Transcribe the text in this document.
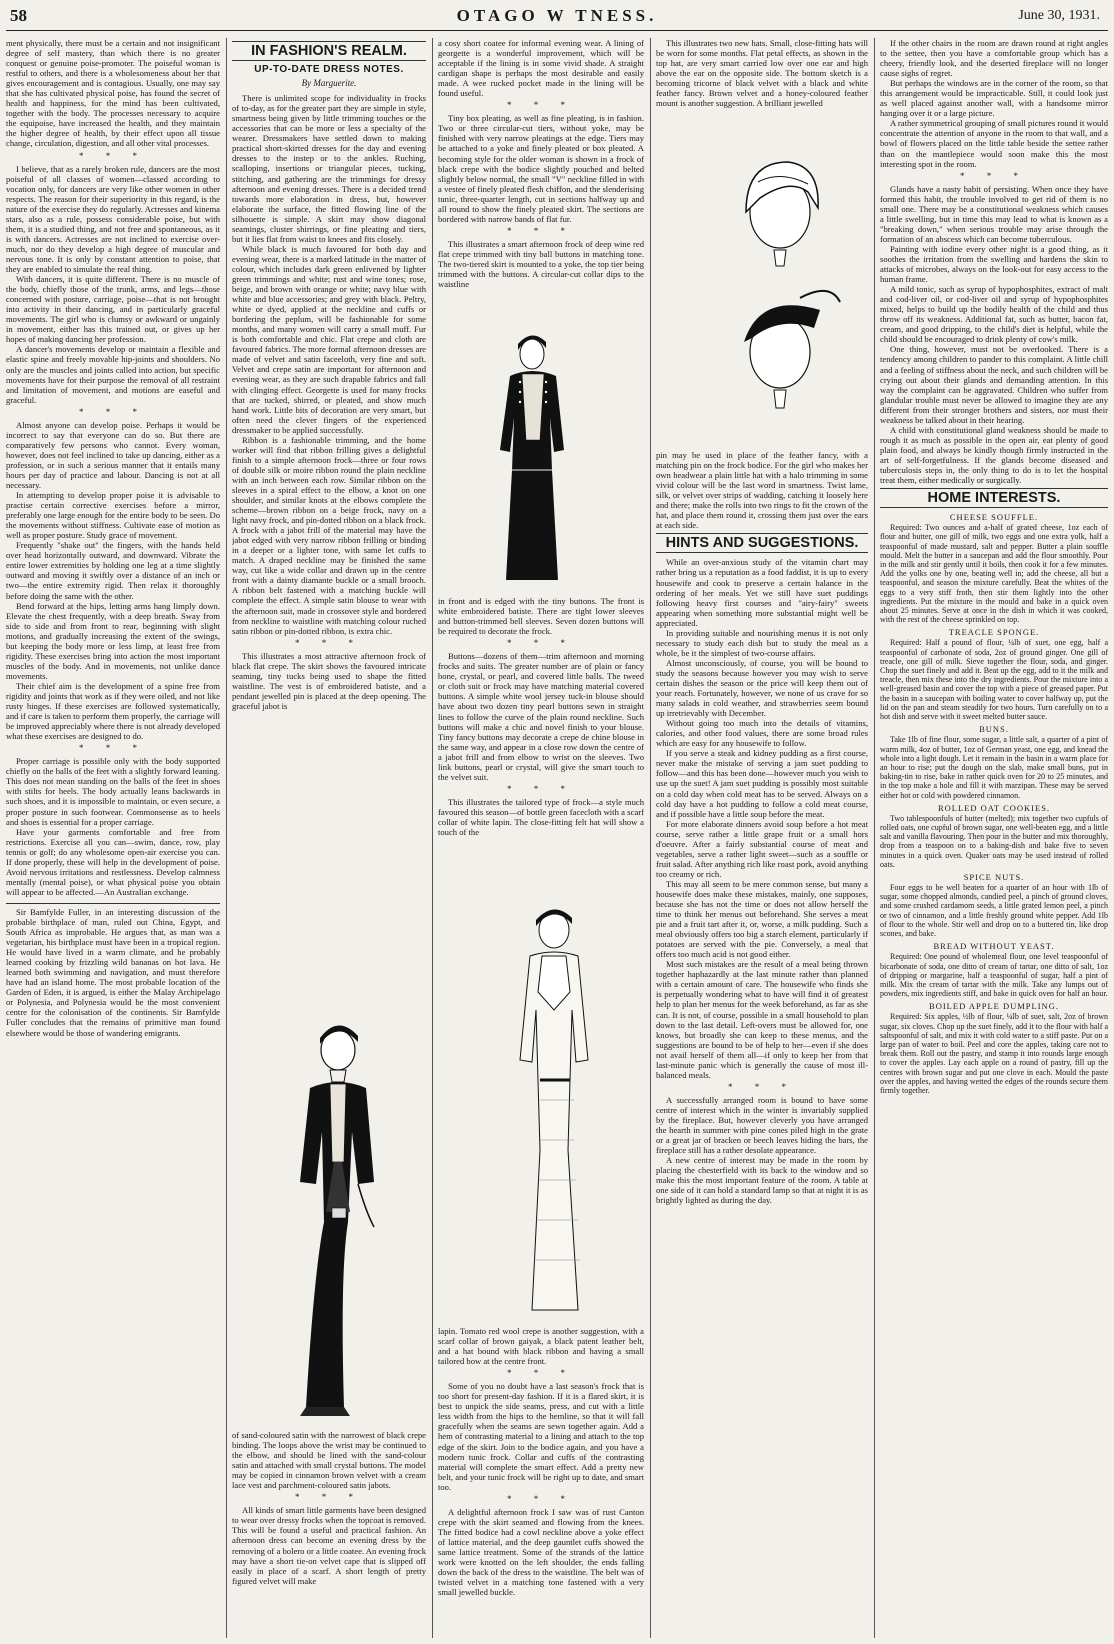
58	OTAGO W TNESS.	June 30, 1931.

ment physically, there must be a certain and not insignificant degree of self mastery, than which there is no greater conquest or genuine poise-promoter. The poiseful woman is restful to others, and there is a wholesomeness about her that gives encouragement and is contagious. Usually, one may say that she has cultivated physical poise, has found the secret of health and happiness, for the mind has been cultivated, together with the body. The processes necessary to acquire the equipoise, have increased the health, and they maintain the higher degree of health, by their effect upon all tissue change, circulation, digestion, and all other vital processes.

* * *

I believe, that as a rarely broken rule, dancers are the most poiseful of all classes of women—classed according to vocation only, for dancers are very like other women in other respects. The reason for their superiority in this regard, is the nature of the exercise they do regularly. Actresses and kinema stars, also as a rule, possess considerable poise, but with them, it is a studied thing, and not free and spontaneous, as it is with dancers. Actresses are not inclined to exercise over-much, nor do they develop a high degree of muscular and nervous tone. It is only by constant attention to poise, that they are enabled to simulate the real thing.

With dancers, it is quite different. There is no muscle of the body, chiefly those of the trunk, arms, and legs—those concerned with posture, carriage, poise—that is not brought into activity in their dancing, and in particularly graceful movements. The girl who is clumsy or awkward or ungainly in movement, either has this trained out, or gives up her hopes of making dancing her profession.

A dancer's movements develop or maintain a flexible and elastic spine and freely movable hip-joints and shoulders. No only are the muscles and joints called into action, but specific movements have for their purpose the removal of all restraint and limitation of movement, and motions are easeful and graceful.

* * *

Almost anyone can develop poise. Perhaps it would be incorrect to say that everyone can do so. But there are comparatively few persons who cannot. Every woman, however, does not feel inclined to take up dancing, either as a profession, or in such a serious manner that it entails many hours per day of practice and labour. Dancing is not at all necessary.

In attempting to develop proper poise it is advisable to practise certain corrective exercises before a mirror, preferably one large enough for the entire body to be seen. Do the movements without stiffness. Cultivate ease of motion as well as proper posture. Study grace of movement.

Frequently "shake out" the fingers, with the hands held over head horizontally outward, and downward. Vibrate the entire lower extremities by holding one leg at a time slightly outward and moving it swiftly over a distance of an inch or two—the entire extremity rigid. Then relax it thoroughly before doing the same with the other.

Bend forward at the hips, letting arms hang limply down. Elevate the chest frequently, with a deep breath. Sway from side to side and from front to rear, beginning with slight motions, and gradually increasing the extent of the swings, but keeping the body more or less limp, at least free from rigidity. These exercises bring into action the most important muscles of the body. And in movements, not unlike dance movements.

Their chief aim is the development of a spine free from rigidity and joints that work as if they were oiled, and not like rusty hinges. If these exercises are followed systematically, and if care is taken to perform them properly, the carriage will be improved appreciably where there is not already developed what these exercises are designed to do.

* * *

Proper carriage is possible only with the body supported chiefly on the balls of the feet with a slightly forward leaning. This does not mean standing on the balls of the feet in shoes with stilts for heels. The body actually leans backwards in such shoes, and it is impossible to maintain, or even secure, a proper posture in such footwear. Commonsense as to heels and shoes is essential for a proper carriage.

Have your garments comfortable and free from restrictions. Exercise all you can—swim, dance, row, play tennis or golf; do any wholesome open-air exercise you can. If done properly, these will help in the development of poise. Avoid nervous irritations and restlessness. Develop calmness mentally (mental poise), or what physical poise you obtain will appear to be affected.—An Australian exchange.

Sir Bamfylde Fuller, in an interesting discussion of the probable birthplace of man, ruled out China, Egypt, and South Africa as improbable. He argues that, as man was a vegetarian, his birthplace must have been in a tropical region. He would have lived in a warm climate, and he probably learned cooking by frizzling wild bananas on hot lava. He learned both swimming and navigation, and must therefore have had an island home. The most probable location of the Garden of Eden, it is argued, is either the Malay Archipelago or Polynesia, and Polynesia would be the most convenient centre for the colonisation of the continents. Sir Bamfylde Fuller concludes that the remains of primitive man found elsewhere would be those of wandering emigrants.

IN FASHION'S REALM.
UP-TO-DATE DRESS NOTES.
By Marguerite.

There is unlimited scope for individuality in frocks of to-day, as for the greater part they are simple in style, smartness being given by little trimming touches or the accessories that can be more or less a specialty of the wearer. Dressmakers have settled down to making practical short-skirted dresses for the day and evening dresses to the instep or to the ankles. Ruching, scalloping, insertions or triangular pieces, tucking, stitching, and gathering are the trimmings for dressy afternoon and evening dresses. There is a decided trend towards more elaboration in dress, but, however elaborate the surface, the fitted flowing line of the silhouette is simple. A skirt may show diagonal seamings, cluster shirrings, or fine pleating and tiers, but it lies flat from waist to knees and fits closely.

While black is much favoured for both day and evening wear, there is a marked latitude in the matter of colour, which includes dark green enlivened by lighter green trimmings and white; rust and wine tones; rose, beige, and brown with orange or white; navy blue with white and blue accessories; and grey with black. Peltry, white or dyed, applied at the neckline and cuffs or bordering the peplum, will be fashionable for some months, and many women will carry a small muff. Fur is both comfortable and chic. Flat crepe and cloth are favoured fabrics. The more formal afternoon dresses are made of velvet and satin faceeloth, very fine and soft. Velvet and crepe satin are important for afternoon and evening wear, as they are such drapable fabrics and fall with clinging effect. Georgette is used for many frocks that are tucked, shirred, or pleated, and show much hand work. Little bits of decoration are very smart, but often need the clever fingers of the experienced dressmaker to be applied successfully.

Ribbon is a fashionable trimming, and the home worker will find that ribbon frilling gives a delightful finish to a simple afternoon frock—three or four rows of double silk or moire ribbon round the plain neckline with an inch between each row. Similar ribbon on the sleeves in a spiral effect to the elbow, a knot on one shoulder, and similar knots at the elbows complete the scheme—brown ribbon on a beige frock, navy on a light navy frock, and pin-dotted ribbon on a black frock. A frock with a jabot frill of the material may have the jabot edged with very narrow ribbon frilling or binding in a deeper or a lighter tone, with same let cuffs to match. A draped neckline may be finished the same way, cut like a wide collar and drawn up in the centre front with a dainty diamante buckle or a small brooch. A ribbon belt fastened with a matching buckle will complete the effect. A simple satin blouse to wear with the afternoon suit, made in crossover style and bordered from neckline to waistline with matching colour ruched satin ribbon or pin-dotted ribbon, is extra chic.

* * *

This illustrates a most attractive afternoon frock of black flat crepe. The skirt shows the favoured intricate seaming, tiny tucks being used to shape the fitted waistline. The vest is of embroidered batiste, and a pendant jewelled pin is placed at the deep opening. The graceful jabot is

of sand-coloured satin with the narrowest of black crepe binding. The loops above the wrist may be continued to the elbow, and should be lined with the sand-colour satin and attached with small crystal buttons. The model may be copied in cinnamon brown velvet with a cream lace vest and parchment-coloured satin jabots.

* * *

All kinds of smart little garments have been designed to wear over dressy frocks when the topcoat is removed. This will be found a useful and practical fashion. An afternoon dress can become an evening dress by the removing of a bolero or a little coatee. An evening frock may have a short tie-on velvet cape that is slipped off easily in place of a scarf. A short length of pretty figured velvet will make

a cosy short coatee for informal evening wear. A lining of georgette is a wonderful improvement, which will be acceptable if the lining is in some vivid shade. A straight cardigan shape is perhaps the most desirable and easily made. A wee rucked pocket made in the lining will be found useful.

* * *

Tiny box pleating, as well as fine pleating, is in fashion. Two or three circular-cut tiers, without yoke, may be finished with very narrow pleatings at the edge. Tiers may be attached to a yoke and finely pleated or box pleated. A becoming style for the older woman is shown in a frock of black crepe with the bodice slightly pouched and belted slightly below normal, the small "V" neckline filled in with a vestee of finely pleated flesh chiffon, and the slenderising tunic, three-quarter length, cut in sections halfway up and all round to show the finely pleated skirt. The sections are bordered with narrow bands of flat fur.

* * *

This illustrates a smart afternoon frock of deep wine red flat crepe trimmed with tiny ball buttons in matching tone. The two-tiered skirt is mounted to a yoke, the top tier being trimmed with the buttons. A circular-cut collar dips to the waistline

in front and is edged with the tiny buttons. The front is white embroidered batiste. There are tight lower sleeves and button-trimmed bell sleeves. Seven dozen buttons will be required to decorate the frock.

* * *

Buttons—dozens of them—trim afternoon and morning frocks and suits. The greater number are of plain or fancy bone, crystal, or pearl, and covered little balls. The tweed or cloth suit or frock may have matching material covered buttons. A simple white wool jersey tuck-in blouse should have about two dozen tiny pearl buttons sewn in straight lines to follow the curve of the plain round neckline. Such buttons will make a chic and novel finish to your blouse. Tiny fancy buttons may decorate a crepe de chine blouse in the same way, and appear in a close row down the centre of a jabot frill and from elbow to wrist on the sleeves. Two link buttons, pearl or crystal, will give the smart touch to the velvet suit.

* * *

This illustrates the tailored type of frock—a style much favoured this season—of bottle green facecloth with a scarf collar of white lapin. The close-fitting felt hat will show a touch of the

lapin. Tomato red wool crepe is another suggestion, with a scarf collar of brown gaiyak, a black patent leather belt, and a hat bound with black ribbon and having a small tailored bow at the centre front.

* * *

Some of you no doubt have a last season's frock that is too short for present-day fashion. If it is a flared skirt, it is best to unpick the side seams, press, and cut with a little less width from the hips to the hemline, so that it will fall gracefully when the seams are sewn together again. Add a hem of contrasting material to a lining and attach to the top edge of the skirt. Join to the bodice again, and you have a modern tunic frock. Collar and cuffs of the contrasting material will complete the smart effect. Add a pretty new belt, and your tunic frock will be right up to date, and smart too.

* * *

A delightful afternoon frock I saw was of rust Canton crepe with the skirt seamed and flowing from the knees. The fitted bodice had a cowl neckline above a yoke effect of lattice material, and the deep gauntlet cuffs showed the same lattice treatment. Some of the strands of the lattice work were knotted on the left shoulder, the ends falling down the back of the dress to the waistline. The belt was of twisted velvet in a matching tone fastened with a very small jewelled buckle.

This illustrates two new hats. Small, close-fitting hats will be worn for some months. Flat petal effects, as shown in the top hat, are very smart carried low over one ear and high above the ear on the opposite side. The bottom sketch is a becoming tricorne of black velvet with a black and white feather fancy. Brown velvet and a honey-coloured feather mount is another suggestion. A brilliant jewelled

pin may be used in place of the feather fancy, with a matching pin on the frock bodice. For the girl who makes her own headwear a plain little hat with a halo trimming in some vivid colour will be the last word in smartness. Twist lame, silk, or velvet over strips of wadding, catching it loosely here and there; make the rolls into two rings to fit the crown of the hat, and place them round it, crossing them just over the ears at each side.

HINTS AND SUGGESTIONS.

While an over-anxious study of the vitamin chart may rather bring us a reputation as a food faddist, it is up to every housewife and cook to preserve a certain balance in the ordering of her meals. Yet we still have suet puddings following heavy first courses and "airy-fairy" sweets appearing when something more substantial might well be appreciated.

In providing suitable and nourishing menus it is not only necessary to study each dish but to study the meal as a whole, be it the simplest of two-course affairs.

Almost unconsciously, of course, you will be bound to study the seasons because however you may wish to serve certain dishes the season or the price will keep them out of your reach. Fortunately, however, we none of us crave for so many salads in cold weather, and strawberries seem bound up irretrievably with December.

Without going too much into the details of vitamins, calories, and other food values, there are some broad rules which are easy for any housewife to follow.

If you serve a steak and kidney pudding as a first course, never make the mistake of serving a jam suet pudding to follow—and this has been done—however much you wish to use up the suet! A jam suet pudding is possibly most suitable on a cold day when cold meat has to be served. Always on a cold day have a hot pudding to follow a cold meat course, and if possible have a little soup before the meat.

For more elaborate dinners avoid soup before a hot meat course, serve rather a little grape fruit or a small hors d'oeuvre. After a fairly substantial course of meat and vegetables, serve a rather light sweet—such as a souffle or fruit salad. After anything rich like roast pork, avoid anything too creamy or rich.

This may all seem to be mere common sense, but many a housewife does make these mistakes, mainly, one supposes, because she has not the time or does not allow herself the time to think her menus out beforehand. She serves a meat pie and a fruit tart after it, or, worse, a milk pudding. Such a meal obviously offers too big a starch element, particularly if potatoes are served with the pie. Conversely, a meal that offers too much acid is not good either.

Most such mistakes are the result of a meal being thrown together haphazardly at the last minute rather than planned with a certain amount of care. The housewife who finds she is perpetually wondering what to have will find it of greatest help to plan her menus for the week beforehand, as far as she can. It is not, of course, possible in a small household to plan down to the last detail. Left-overs must be allowed for, one knows, but broadly she can keep to these menus, and the suggestions are bound to be of help to her—even if she does not avail herself of them all—if only to keep her from that last-minute panic which is generally the cause of most ill-balanced meals.

* * *

A successfully arranged room is bound to have some centre of interest which in the winter is invariably supplied by the fireplace. But, however cleverly you have arranged the hearth in summer with pine cones piled high in the grate or a great jar of bracken or beech leaves hiding the bars, the fireplace still has a rather desolate appearance.

A new centre of interest may be made in the room by placing the chesterfield with its back to the window and so make this the most important feature of the room. A table at one side of it can hold a standard lamp so that at night it is as brightly lighted as during the day.

If the other chairs in the room are drawn round at right angles to the settee, then you have a comfortable group which has a cheery, friendly look, and the deserted fireplace will no longer cause sighs of regret.

But perhaps the windows are in the corner of the room, so that this arrangement would be impracticable. Still, it could look just as well placed against another wall, with a handsome mirror hanging over it or a large picture.

A rather symmetrical grouping of small pictures round it would concentrate the attention of anyone in the room to that wall, and a bowl of flowers placed on the little table beside the settee rather than on the mantlepiece would soon make this the most interesting spot in the room.

* * *

Glands have a nasty habit of persisting. When once they have formed this habit, the trouble involved to get rid of them is no small one. There may be a constitutional weakness which causes a little swelling, but in time this may lead to what is known as a "breaking down," when serious trouble may arise through the formation of an abscess which can become tuberculous.

Painting with iodine every other night is a good thing, as it soothes the irritation from the swelling and hardens the skin to attacks of microbes, always on the look-out for easy access to the human frame.

A mild tonic, such as syrup of hypophosphites, extract of malt and cod-liver oil, or cod-liver oil and syrup of hypophosphites mixed, helps to build up the bodily health of the child and thus throw off its weakness. Additional fat, such as butter, bacon fat, cream, and good dripping, to the child's diet is helpful, while the child should be encouraged to drink plenty of cow's milk.

One thing, however, must not be overlooked. There is a tendency among children to pander to this complaint. A little chill and a feeling of stiffness about the neck, and such children will be crying out about their glands and demanding attention. In this way the complaint can be aggravated. Children who suffer from glandular trouble must never be allowed to imagine they are any different from their stronger brothers and sisters, nor must their weakness be talked about in their hearing.

A child with constitutional gland weakness should be made to rough it as much as possible in the open air, eat plenty of good plain food, and always be kindly though firmly instructed in the art of self-forgetfulness. If the glands become diseased and tuberculosis steps in, the only thing to do is to let the hospital treat them, either medically or surgically.

HOME INTERESTS.
CHEESE SOUFFLE.

Required: Two ounces and a-half of grated cheese, 1oz each of flour and butter, one gill of milk, two eggs and one extra yolk, half a teaspoonful of made mustard, salt and pepper. Butter a plain souffle mould. Melt the butter in a saucepan and add the flour smoothly. Pour in the milk and stir gently until it boils, then cook it for a few minutes. Add the yolks one by one, beating well in; add the cheese, all but a teaspoonful, and season the mixture carefully. Beat the whites of the eggs to a very stiff froth, then stir them lightly into the other ingredients. Put the mixture in the mould and bake in a quick oven about 25 minutes. Serve at once in the dish in which it was cooked, with the rest of the cheese sprinkled on top.

TREACLE SPONGE.

Required: Half a pound of flour, ¼lb of suet, one egg, half a teaspoonful of carbonate of soda, 2oz of ground ginger. One gill of treacle, one gill of milk. Sieve together the flour, soda, and ginger. Chop the suet finely and add it. Beat up the egg, add to it the milk and treacle, then mix these into the dry ingredients. Pour the mixture into a well-greased basin and cover the top with a piece of greased paper. Put the basin in a saucepan with boiling water to cover halfway up, put the lid on the pan and steam steadily for two hours. Turn carefully on to a hot dish and serve with it sweet melted butter sauce.

BUNS.

Take 1lb of fine flour, some sugar, a little salt, a quarter of a pint of warm milk, 4oz of butter, 1oz of German yeast, one egg, and knead the whole into a light dough. Let it remain in the basin in a warm place for an hour to rise; put the dough on the slab, make small buns, put in baking-tin to rise, bake in rather quick oven for 20 to 25 minutes, and in the top make a hole and fill it with marzipan. These may be served either hot or cold with powdered cinnamon.

ROLLED OAT COOKIES.

Two tablespoonfuls of butter (melted); mix together two cupfuls of rolled oats, one cupful of brown sugar, one well-beaten egg, and a little salt and vanilla flavouring. Then pour in the butter and mix thoroughly, drop from a teaspoon on to a baking-dish and bake five to seven minutes in a quick oven. Quaker oats may be used instead of rolled oats.

SPICE NUTS.

Four eggs to be well beaten for a quarter of an hour with 1lb of sugar, some chopped almonds, candied peel, a pinch of ground cloves, and some crushed cardamom seeds, a little grated lemon peel, a pinch or two of cinnamon, and a little freshly ground white pepper. Add 1lb of flour to the whole. Stir well and drop on to a buttered tin, like drop scones, and bake.

BREAD WITHOUT YEAST.

Required: One pound of wholemeal flour, one level teaspoonful of bicarbonate of soda, one ditto of cream of tartar, one ditto of salt, 1oz of dripping or margarine, half a teaspoonful of sugar, half a pint of milk. Mix the cream of tartar with the milk. Take any lumps out of powders, mix ingredients stiff, and bake in quick oven for half an hour.

BOILED APPLE DUMPLING.

Required: Six apples, ½lb of flour, ¼lb of suet, salt, 2oz of brown sugar, six cloves. Chop up the suet finely, add it to the flour with half a saltspoonful of salt, and mix it with cold water to a stiff paste. Put on a large pan of water to boil. Peel and core the apples, taking care not to break them. Roll out the pastry, and stamp it into rounds large enough to cover the apples. Lay each apple on a round of pastry, fill up the centres with brown sugar and put one clove in each. Mould the paste over the apples, and having wetted the edges of the rounds secure them firmly together.
